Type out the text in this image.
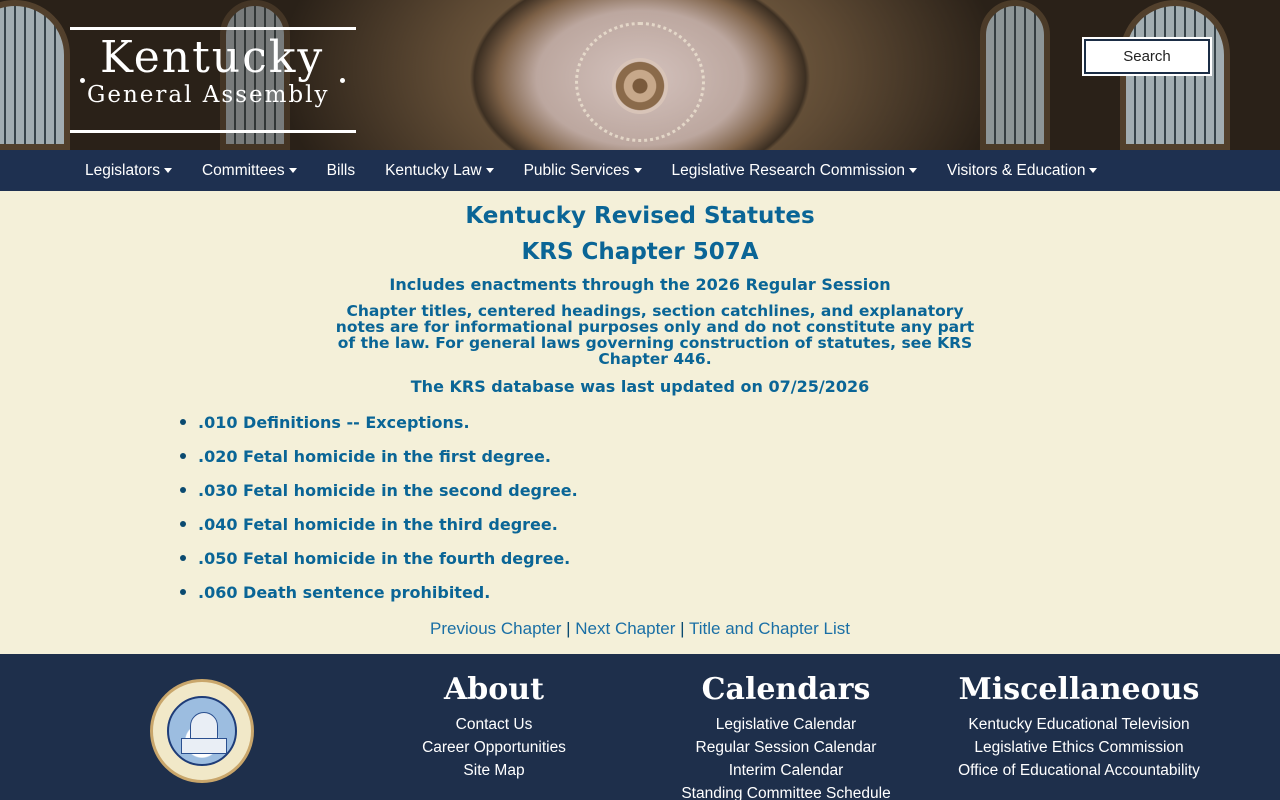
Kentucky
General Assembly
Search
Legislators	Committees	Bills Kentucky Law	Public Services	Legislative Research Commission	Visitors & Education
Kentucky Revised Statutes
KRS Chapter 507A
Includes enactments through the 2026 Regular Session
Chapter titles, centered headings, section catchlines, and explanatory notes are for informational purposes only and do not constitute any part of the law. For general laws governing construction of statutes, see KRS Chapter 446.
The KRS database was last updated on 07/25/2026
.010 Definitions -- Exceptions.
.020 Fetal homicide in the first degree.
.030 Fetal homicide in the second degree.
.040 Fetal homicide in the third degree.
.050 Fetal homicide in the fourth degree.
.060 Death sentence prohibited.
Previous Chapter | Next Chapter | Title and Chapter List
About
Contact Us
Career Opportunities
Site Map
Calendars
Legislative Calendar
Regular Session Calendar
Interim Calendar
Standing Committee Schedule
Miscellaneous
Kentucky Educational Television
Legislative Ethics Commission
Office of Educational Accountability
